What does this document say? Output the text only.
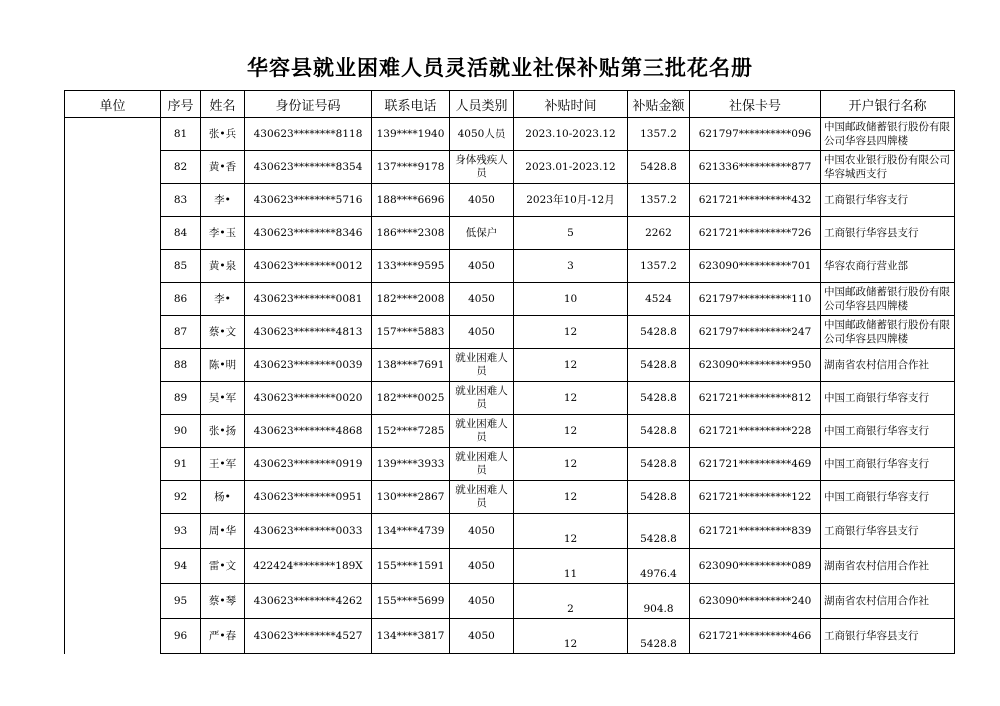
华容县就业困难人员灵活就业社保补贴第三批花名册
单位	序号	姓名	身份证号码	联系电话	人员类别	补贴时间	补贴金额	社保卡号	开户银行名称
	81	张•兵	430623********8118	139****1940	4050人员	2023.10-2023.12	1357.2	621797**********096	中国邮政储蓄银行股份有限公司华容县四牌楼
	82	黄•香	430623********8354	137****9178	身体残疾人员	2023.01-2023.12	5428.8	621336**********877	中国农业银行股份有限公司华容城西支行
	83	李•	430623********5716	188****6696	4050	2023年10月-12月	1357.2	621721**********432	工商银行华容支行
	84	李•玉	430623********8346	186****2308	低保户	5	2262	621721**********726	工商银行华容县支行
	85	黄•泉	430623********0012	133****9595	4050	3	1357.2	623090**********701	华容农商行营业部
	86	李•	430623********0081	182****2008	4050	10	4524	621797**********110	中国邮政储蓄银行股份有限公司华容县四牌楼
	87	蔡•文	430623********4813	157****5883	4050	12	5428.8	621797**********247	中国邮政储蓄银行股份有限公司华容县四牌楼
	88	陈•明	430623********0039	138****7691	就业困难人员	12	5428.8	623090**********950	湖南省农村信用合作社
	89	吴•军	430623********0020	182****0025	就业困难人员	12	5428.8	621721**********812	中国工商银行华容支行
	90	张•扬	430623********4868	152****7285	就业困难人员	12	5428.8	621721**********228	中国工商银行华容支行
	91	王•军	430623********0919	139****3933	就业困难人员	12	5428.8	621721**********469	中国工商银行华容支行
	92	杨•	430623********0951	130****2867	就业困难人员	12	5428.8	621721**********122	中国工商银行华容支行
	93	周•华	430623********0033	134****4739	4050	12	5428.8	621721**********839	工商银行华容县支行
	94	雷•文	422424********189X	155****1591	4050	11	4976.4	623090**********089	湖南省农村信用合作社
	95	蔡•琴	430623********4262	155****5699	4050	2	904.8	623090**********240	湖南省农村信用合作社
	96	严•春	430623********4527	134****3817	4050	12	5428.8	621721**********466	工商银行华容县支行
